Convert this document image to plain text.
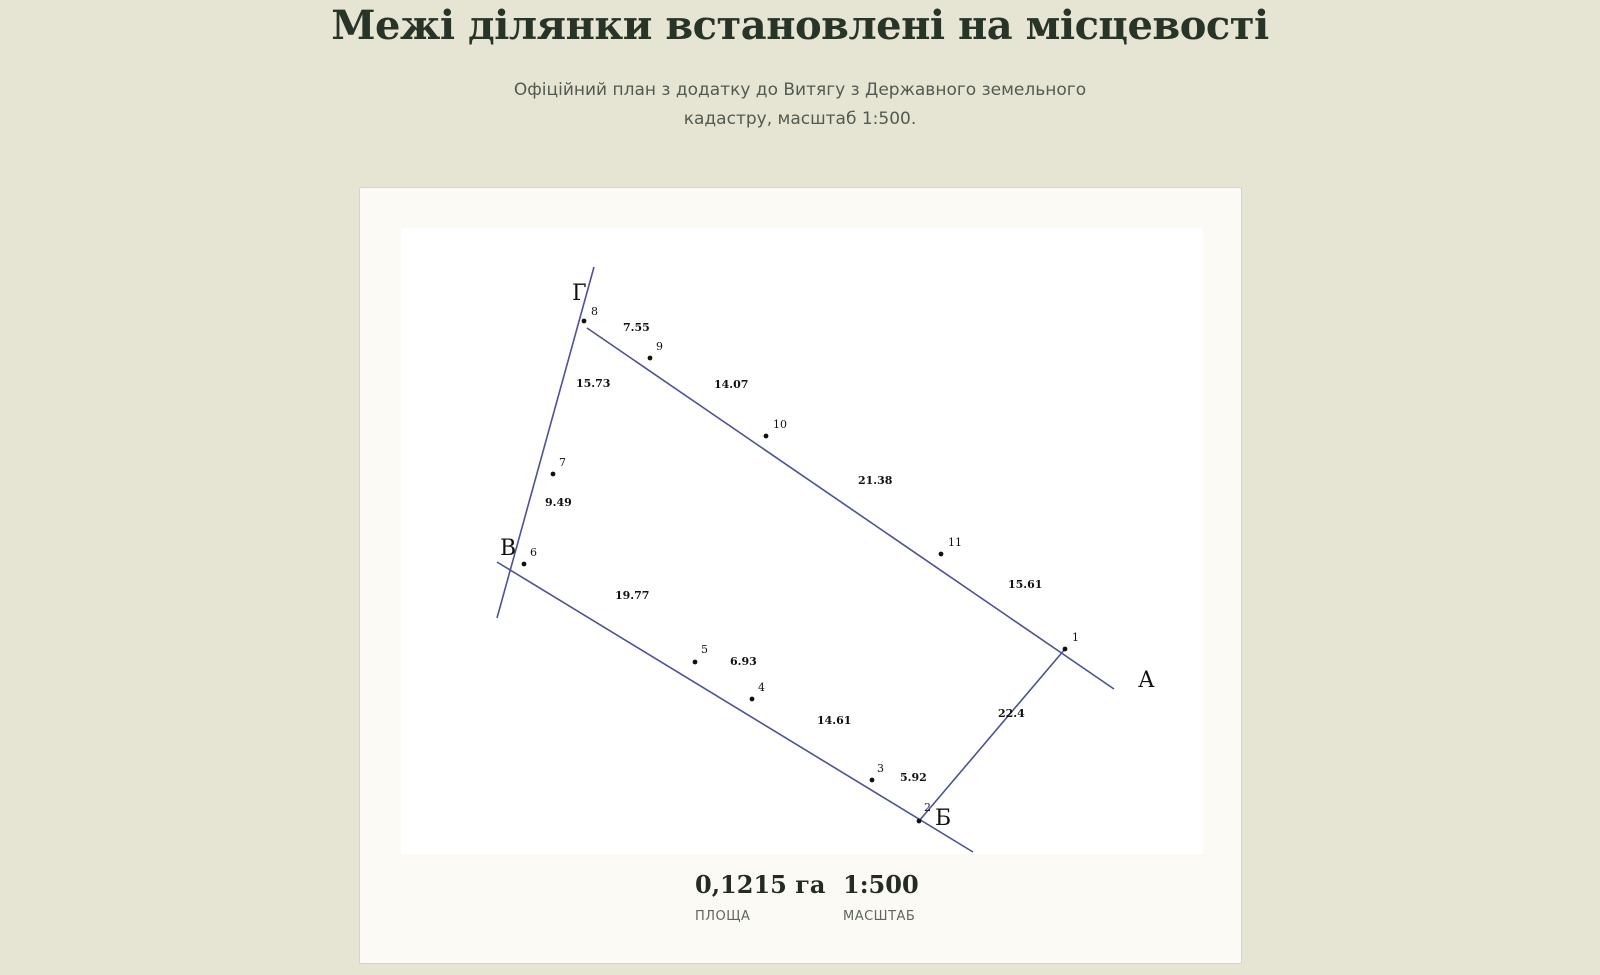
Межі ділянки встановлені на місцевості

Офіційний план з додатку до Витягу з Державного земельного кадастру, масштаб 1:500.

1
2
3
4
5
6
7
8
9
10
11
22.4
5.92
14.61
6.93
19.77
9.49
15.73
7.55
14.07
21.38
15.61
А
Б
В
Г
0,1215 га
ПЛОЩА
1:500
МАСШТАБ
